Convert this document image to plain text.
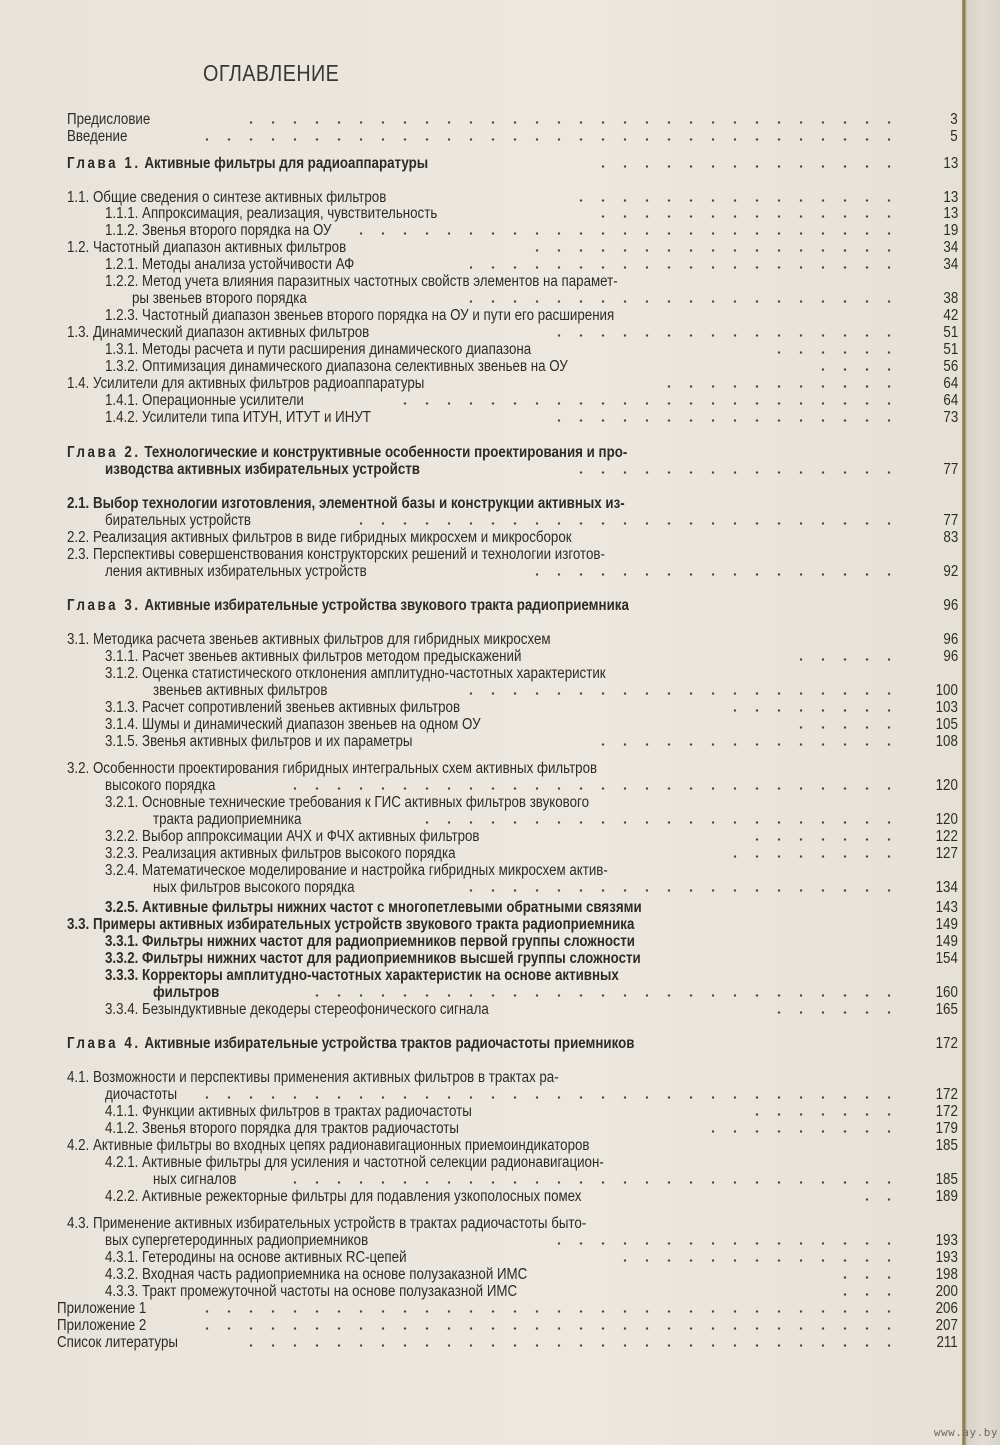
ОГЛАВЛЕНИЕ
Предисловие	3
Введение	5
Глава 1. Активные фильтры для радиоаппаратуры	13
1.1. Общие сведения о синтезе активных фильтров	13
1.1.1. Аппроксимация, реализация, чувствительность	13
1.1.2. Звенья второго порядка на ОУ	19
1.2. Частотный диапазон активных фильтров	34
1.2.1. Методы анализа устойчивости АФ	34
1.2.2. Метод учета влияния паразитных частотных свойств элементов на парамет-
ры звеньев второго порядка	38
1.2.3. Частотный диапазон звеньев второго порядка на ОУ и пути его расширения	42
1.3. Динамический диапазон активных фильтров	51
1.3.1. Методы расчета и пути расширения динамического диапазона	51
1.3.2. Оптимизация динамического диапазона селективных звеньев на ОУ	56
1.4. Усилители для активных фильтров радиоаппаратуры	64
1.4.1. Операционные усилители	64
1.4.2. Усилители типа ИТУН, ИТУТ и ИНУТ	73
Глава 2. Технологические и конструктивные особенности проектирования и про-
изводства активных избирательных устройств	77
2.1. Выбор технологии изготовления, элементной базы и конструкции активных из-
бирательных устройств	77
2.2. Реализация активных фильтров в виде гибридных микросхем и микросборок	83
2.3. Перспективы совершенствования конструкторских решений и технологии изготов-
ления активных избирательных устройств	92
Глава 3. Активные избирательные устройства звукового тракта радиоприемника	96
3.1. Методика расчета звеньев активных фильтров для гибридных микросхем	96
3.1.1. Расчет звеньев активных фильтров методом предыскажений	96
3.1.2. Оценка статистического отклонения амплитудно-частотных характеристик
звеньев активных фильтров	100
3.1.3. Расчет сопротивлений звеньев активных фильтров	103
3.1.4. Шумы и динамический диапазон звеньев на одном ОУ	105
3.1.5. Звенья активных фильтров и их параметры	108
3.2. Особенности проектирования гибридных интегральных схем активных фильтров
высокого порядка	120
3.2.1. Основные технические требования к ГИС активных фильтров звукового
тракта радиоприемника	120
3.2.2. Выбор аппроксимации АЧХ и ФЧХ активных фильтров	122
3.2.3. Реализация активных фильтров высокого порядка	127
3.2.4. Математическое моделирование и настройка гибридных микросхем актив-
ных фильтров высокого порядка	134
3.2.5. Активные фильтры нижних частот с многопетлевыми обратными связями	143
3.3. Примеры активных избирательных устройств звукового тракта радиоприемника	149
3.3.1. Фильтры нижних частот для радиоприемников первой группы сложности	149
3.3.2. Фильтры нижних частот для радиоприемников высшей группы сложности	154
3.3.3. Корректоры амплитудно-частотных характеристик на основе активных
фильтров	160
3.3.4. Безындуктивные декодеры стереофонического сигнала	165
Глава 4. Активные избирательные устройства трактов радиочастоты приемников	172
4.1. Возможности и перспективы применения активных фильтров в трактах ра-
диочастоты	172
4.1.1. Функции активных фильтров в трактах радиочастоты	172
4.1.2. Звенья второго порядка для трактов радиочастоты	179
4.2. Активные фильтры во входных цепях радионавигационных приемоиндикаторов	185
4.2.1. Активные фильтры для усиления и частотной селекции радионавигацион-
ных сигналов	185
4.2.2. Активные режекторные фильтры для подавления узкополосных помех	189
4.3. Применение активных избирательных устройств в трактах радиочастоты быто-
вых супергетеродинных радиоприемников	193
4.3.1. Гетеродины на основе активных RC-цепей	193
4.3.2. Входная часть радиоприемника на основе полузаказной ИМС	198
4.3.3. Тракт промежуточной частоты на основе полузаказной ИМС	200
Приложение 1	206
Приложение 2	207
Список литературы	211
www.ay.by
